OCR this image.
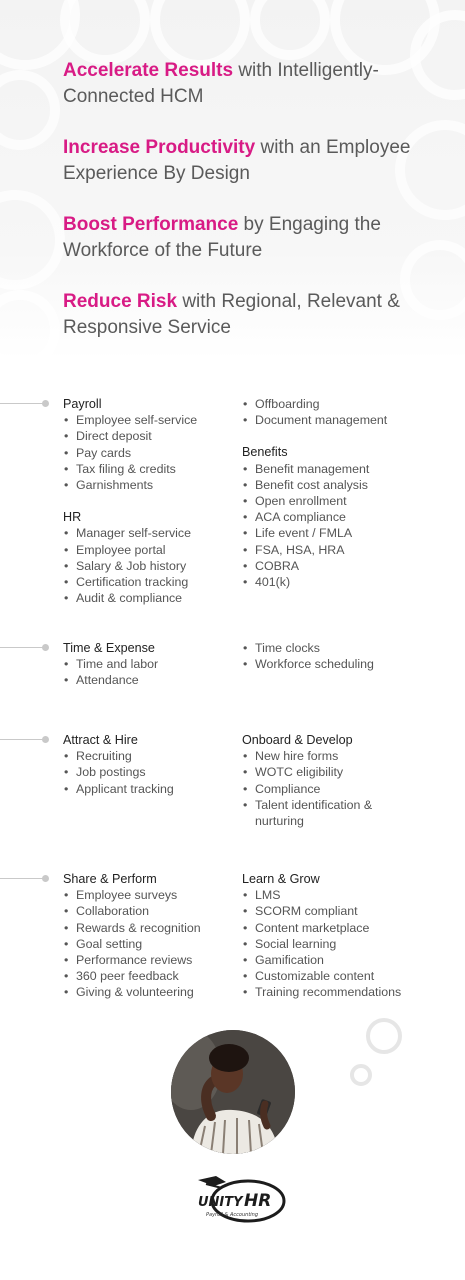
Accelerate Results with Intelligently-Connected HCM

Increase Productivity with an Employee Experience By Design

Boost Performance by Engaging the Workforce of the Future

Reduce Risk with Regional, Relevant & Responsive Service

Payroll
• Employee self-service
• Direct deposit
• Pay cards
• Tax filing & credits
• Garnishments
HR
• Manager self-service
• Employee portal
• Salary & Job history
• Certification tracking
• Audit & compliance
• Offboarding
• Document management
Benefits
• Benefit management
• Benefit cost analysis
• Open enrollment
• ACA compliance
• Life event / FMLA
• FSA, HSA, HRA
• COBRA
• 401(k)
Time & Expense
• Time and labor
• Attendance
• Time clocks
• Workforce scheduling
Attract & Hire
• Recruiting
• Job postings
• Applicant tracking
Onboard & Develop
• New hire forms
• WOTC eligibility
• Compliance
• Talent identification & nurturing
Share & Perform
• Employee surveys
• Collaboration
• Rewards & recognition
• Goal setting
• Performance reviews
• 360 peer feedback
• Giving & volunteering
Learn & Grow
• LMS
• SCORM compliant
• Content marketplace
• Social learning
• Gamification
• Customizable content
• Training recommendations
UNITY HR
Payroll & Accounting
